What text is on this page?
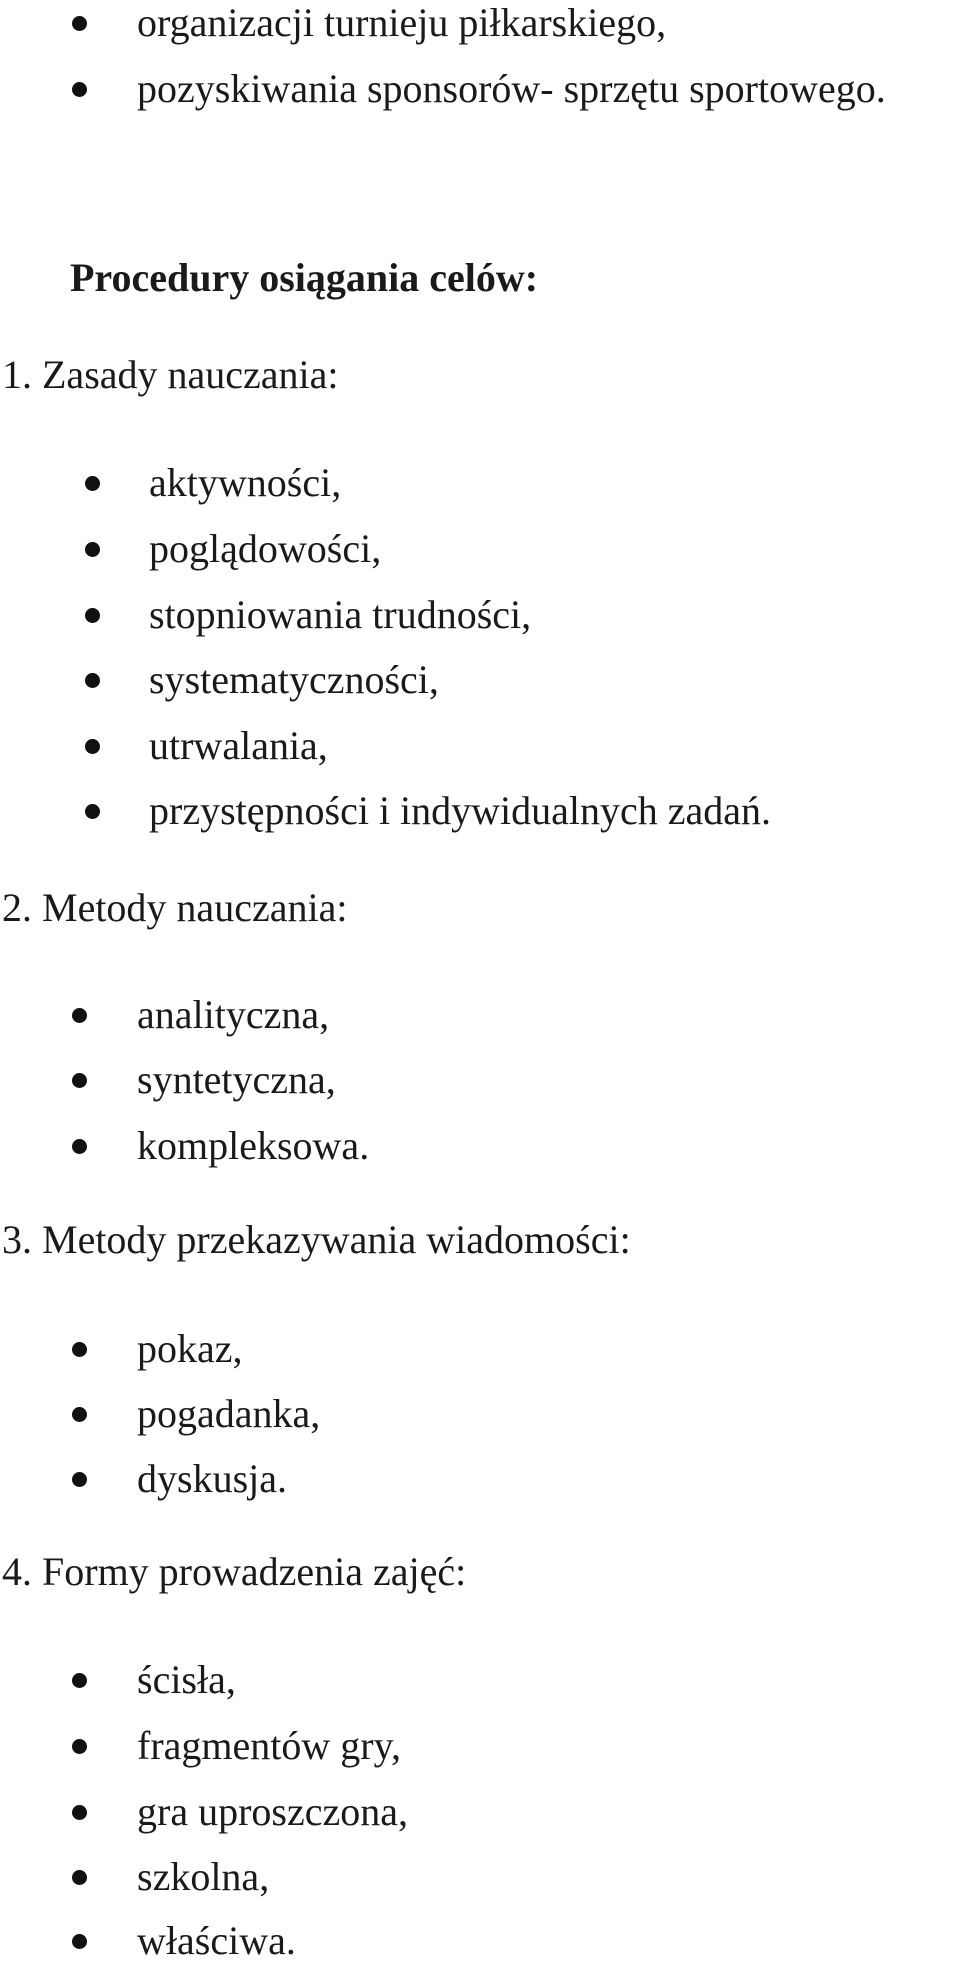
organizacji turnieju piłkarskiego,
pozyskiwania sponsorów- sprzętu sportowego.
Procedury osiągania celów:
1. Zasady nauczania:
aktywności,
poglądowości,
stopniowania trudności,
systematyczności,
utrwalania,
przystępności i indywidualnych zadań.
2. Metody nauczania:
analityczna,
syntetyczna,
kompleksowa.
3. Metody przekazywania wiadomości:
pokaz,
pogadanka,
dyskusja.
4. Formy prowadzenia zajęć:
ścisła,
fragmentów gry,
gra uproszczona,
szkolna,
właściwa.
